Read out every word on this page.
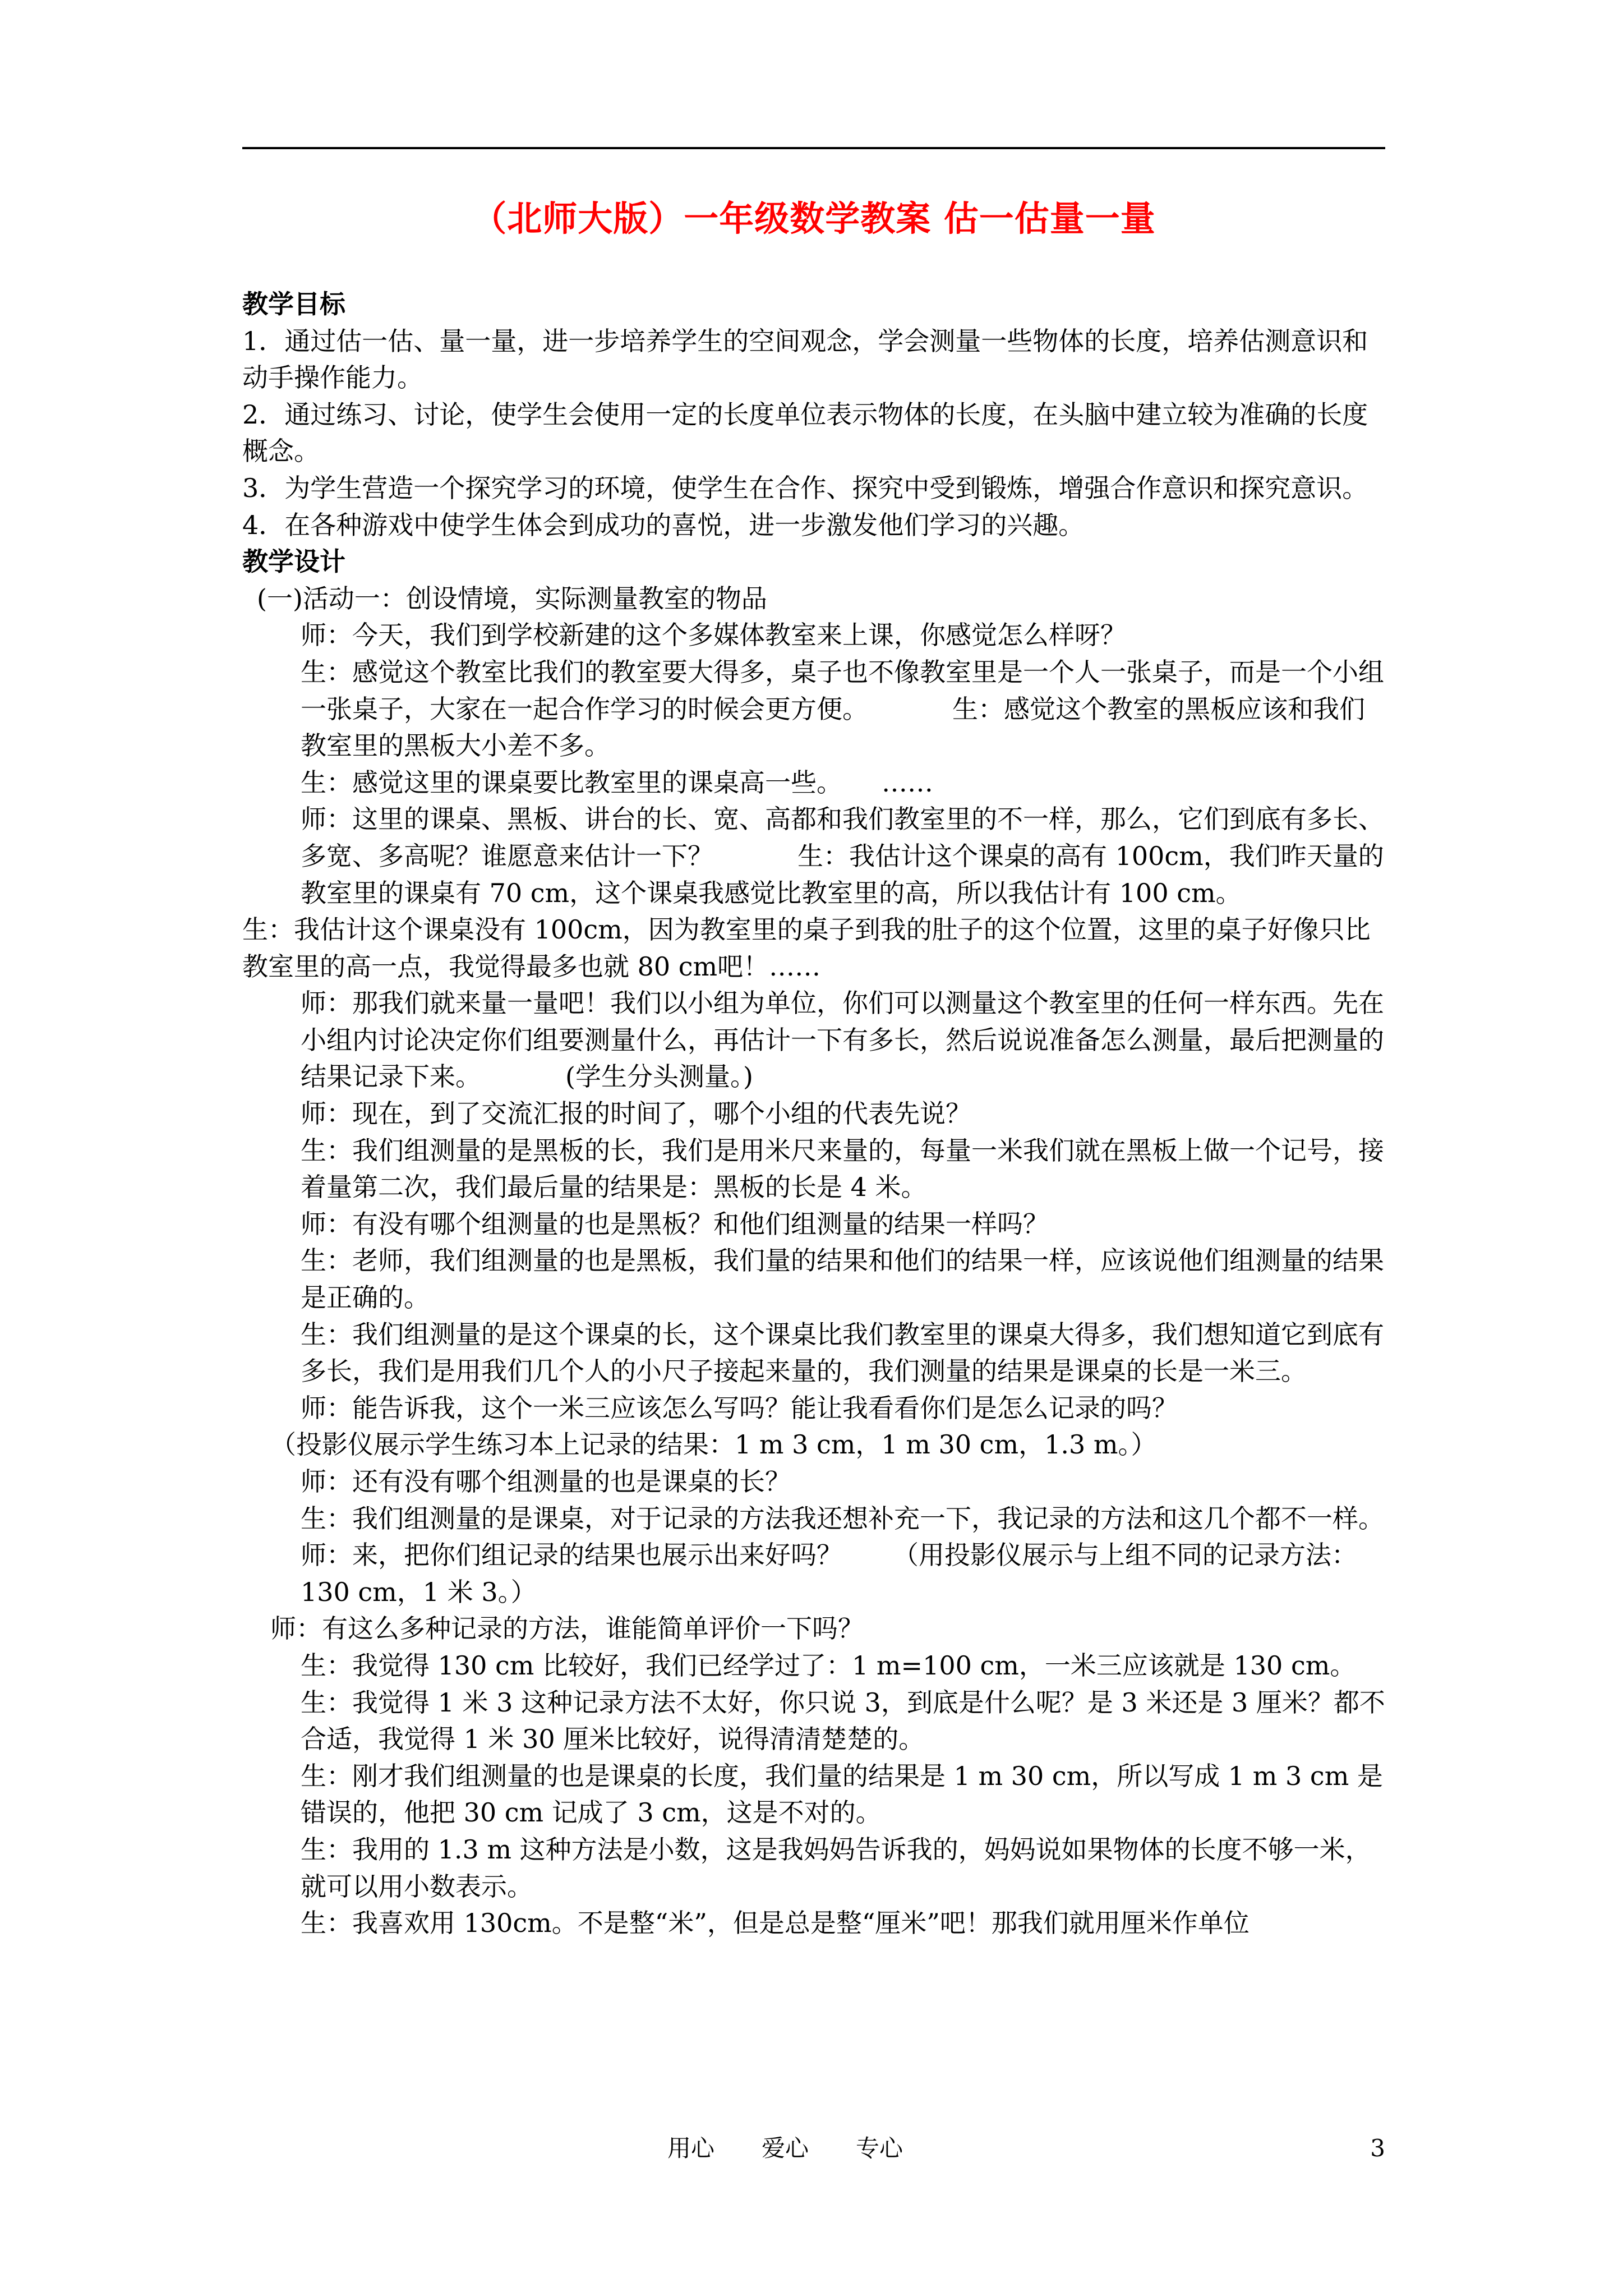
（北师大版）一年级数学教案 估一估量一量

教学目标

1．通过估一估、量一量，进一步培养学生的空间观念，学会测量一些物体的长度，培养估测意识和动手操作能力。

2．通过练习、讨论，使学生会使用一定的长度单位表示物体的长度，在头脑中建立较为准确的长度概念。

3．为学生营造一个探究学习的环境，使学生在合作、探究中受到锻炼，增强合作意识和探究意识。

4．在各种游戏中使学生体会到成功的喜悦，进一步激发他们学习的兴趣。

教学设计

(一)活动一：创设情境，实际测量教室的物品

师：今天，我们到学校新建的这个多媒体教室来上课，你感觉怎么样呀？

生：感觉这个教室比我们的教室要大得多，桌子也不像教室里是一个人一张桌子，而是一个小组一张桌子，大家在一起合作学习的时候会更方便。	生：感觉这个教室的黑板应该和我们教室里的黑板大小差不多。

生：感觉这里的课桌要比教室里的课桌高一些。 ……

师：这里的课桌、黑板、讲台的长、宽、高都和我们教室里的不一样，那么，它们到底有多长、多宽、多高呢？谁愿意来估计一下？	生：我估计这个课桌的高有 100cm，我们昨天量的教室里的课桌有 70 cm，这个课桌我感觉比教室里的高，所以我估计有 100 cm。

生：我估计这个课桌没有 100cm，因为教室里的桌子到我的肚子的这个位置，这里的桌子好像只比教室里的高一点，我觉得最多也就 80 cm吧！……

师：那我们就来量一量吧！我们以小组为单位，你们可以测量这个教室里的任何一样东西。先在小组内讨论决定你们组要测量什么，再估计一下有多长，然后说说准备怎么测量，最后把测量的结果记录下来。	(学生分头测量。)

师：现在，到了交流汇报的时间了，哪个小组的代表先说？

生：我们组测量的是黑板的长，我们是用米尺来量的，每量一米我们就在黑板上做一个记号，接着量第二次，我们最后量的结果是：黑板的长是 4 米。

师：有没有哪个组测量的也是黑板？和他们组测量的结果一样吗？

生：老师，我们组测量的也是黑板，我们量的结果和他们的结果一样，应该说他们组测量的结果是正确的。

生：我们组测量的是这个课桌的长，这个课桌比我们教室里的课桌大得多，我们想知道它到底有多长，我们是用我们几个人的小尺子接起来量的，我们测量的结果是课桌的长是一米三。

师：能告诉我，这个一米三应该怎么写吗？能让我看看你们是怎么记录的吗？

（投影仪展示学生练习本上记录的结果：1 m 3 cm，1 m 30 cm，1.3 m。）

师：还有没有哪个组测量的也是课桌的长？

生：我们组测量的是课桌，对于记录的方法我还想补充一下，我记录的方法和这几个都不一样。

师：来，把你们组记录的结果也展示出来好吗？ （用投影仪展示与上组不同的记录方法：130 cm，1 米 3。）

师：有这么多种记录的方法，谁能简单评价一下吗？

生：我觉得 130 cm 比较好，我们已经学过了：1 m=100 cm，一米三应该就是 130 cm。

生：我觉得 1 米 3 这种记录方法不太好，你只说 3，到底是什么呢？是 3 米还是 3 厘米？都不合适，我觉得 1 米 30 厘米比较好，说得清清楚楚的。

生：刚才我们组测量的也是课桌的长度，我们量的结果是 1 m 30 cm，所以写成 1 m 3 cm 是错误的，他把 30 cm 记成了 3 cm，这是不对的。

生：我用的 1.3 m 这种方法是小数，这是我妈妈告诉我的，妈妈说如果物体的长度不够一米，就可以用小数表示。

生：我喜欢用 130cm。不是整“米”，但是总是整“厘米”吧！那我们就用厘米作单位

用心　　爱心　　专心	3
